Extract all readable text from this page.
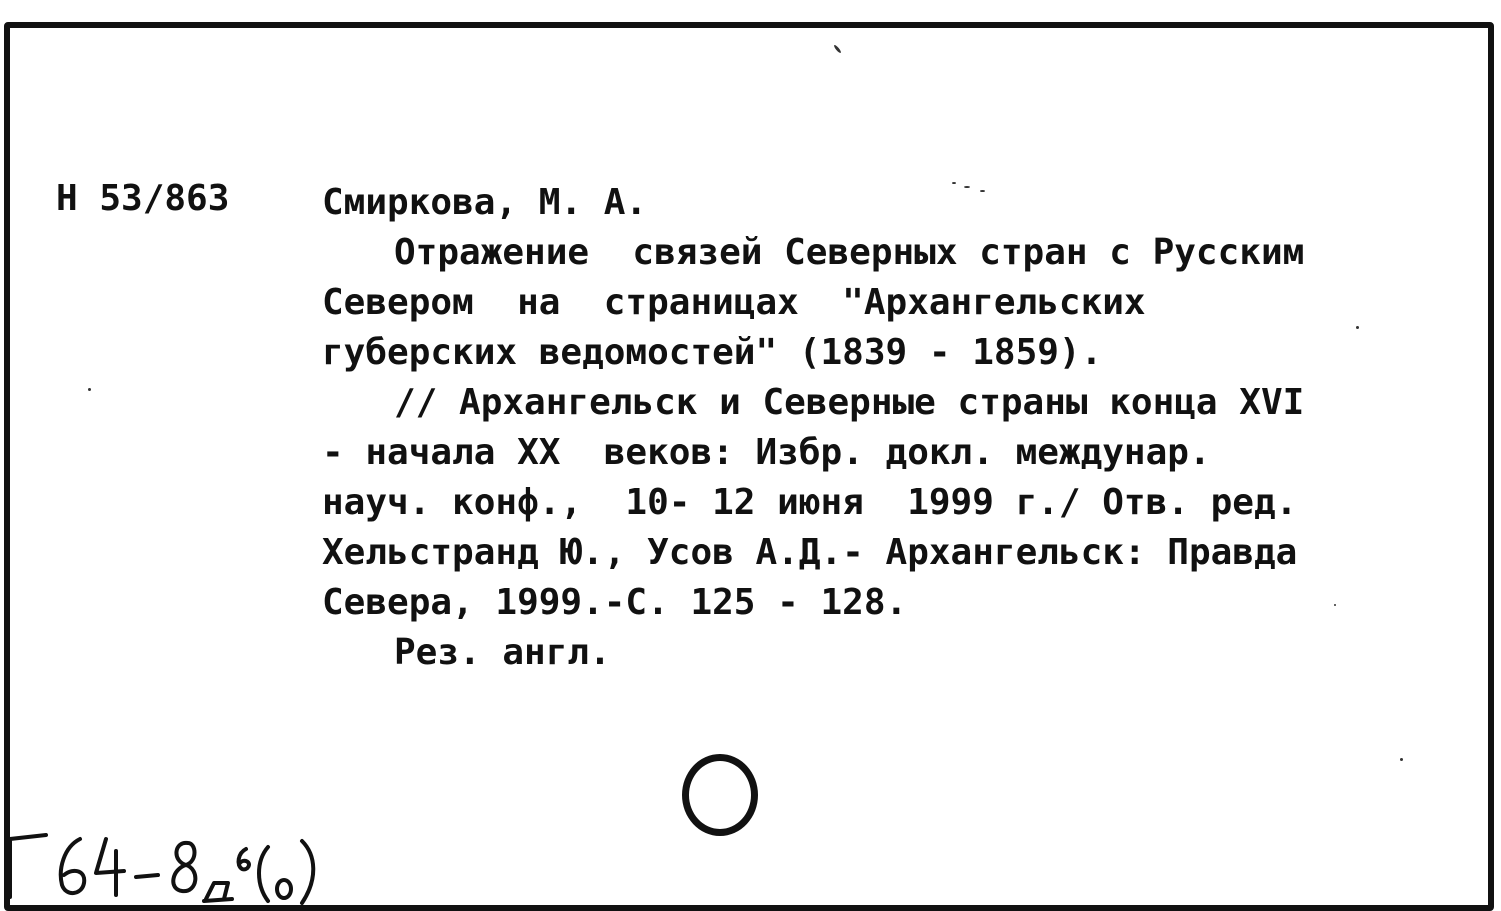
Н 53/863	Смиркова, М. А.
Отражение  связей Северных стран с Русским
Севером  на  страницах  "Архангельских
губерских ведомостей" (1839 - 1859).
// Архангельск и Северные страны конца XVI
- начала XX  веков: Избр. докл. междунар.
науч. конф.,  10- 12 июня  1999 г./ Отв. ред.
Хельстранд Ю., Усов А.Д.- Архангельск: Правда
Севера, 1999.-С. 125 - 128.
Рез. англ.
